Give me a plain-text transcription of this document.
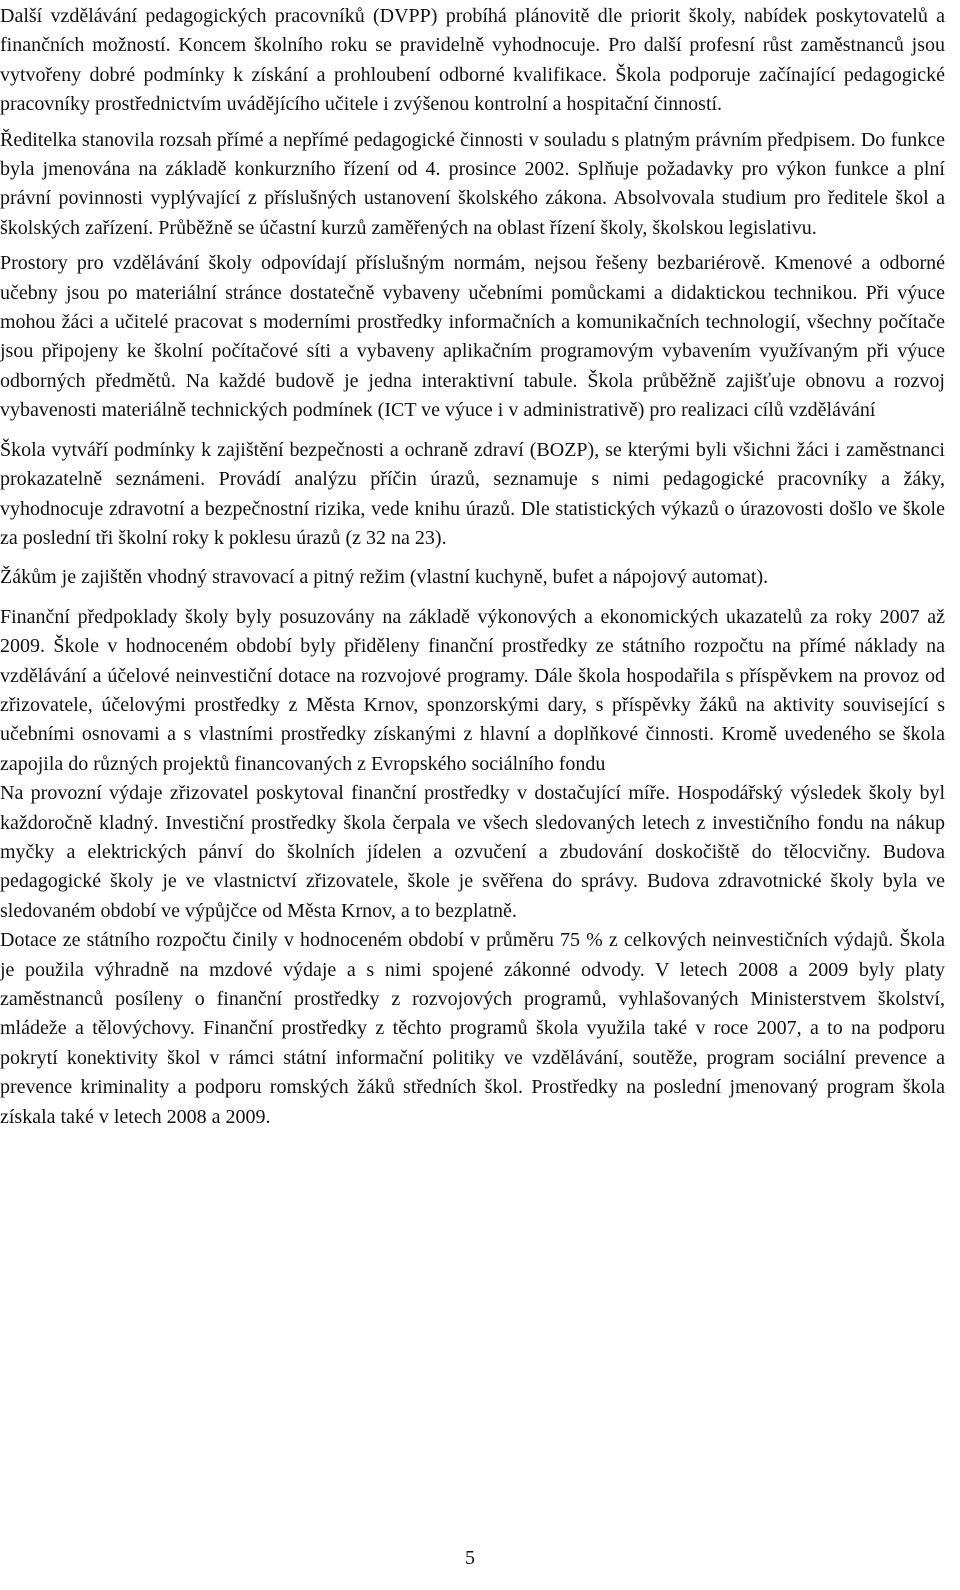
Další vzdělávání pedagogických pracovníků (DVPP) probíhá plánovitě dle priorit školy, nabídek poskytovatelů a finančních možností. Koncem školního roku se pravidelně vyhodnocuje. Pro další profesní růst zaměstnanců jsou vytvořeny dobré podmínky k získání a prohloubení odborné kvalifikace. Škola podporuje začínající pedagogické pracovníky prostřednictvím uvádějícího učitele i zvýšenou kontrolní a hospitační činností.

Ředitelka stanovila rozsah přímé a nepřímé pedagogické činnosti v souladu s platným právním předpisem. Do funkce byla jmenována na základě konkurzního řízení od 4. prosince 2002. Splňuje požadavky pro výkon funkce a plní právní povinnosti vyplývající z příslušných ustanovení školského zákona. Absolvovala studium pro ředitele škol a školských zařízení. Průběžně se účastní kurzů zaměřených na oblast řízení školy, školskou legislativu.

Prostory pro vzdělávání školy odpovídají příslušným normám, nejsou řešeny bezbariérově. Kmenové a odborné učebny jsou po materiální stránce dostatečně vybaveny učebními pomůckami a didaktickou technikou. Při výuce mohou žáci a učitelé pracovat s moderními prostředky informačních a komunikačních technologií, všechny počítače jsou připojeny ke školní počítačové síti a vybaveny aplikačním programovým vybavením využívaným při výuce odborných předmětů. Na každé budově je jedna interaktivní tabule. Škola průběžně zajišťuje obnovu a rozvoj vybavenosti materiálně technických podmínek (ICT ve výuce i v administrativě) pro realizaci cílů vzdělávání

Škola vytváří podmínky k zajištění bezpečnosti a ochraně zdraví (BOZP), se kterými byli všichni žáci i zaměstnanci prokazatelně seznámeni. Provádí analýzu příčin úrazů, seznamuje s nimi pedagogické pracovníky a žáky, vyhodnocuje zdravotní a bezpečnostní rizika, vede knihu úrazů. Dle statistických výkazů o úrazovosti došlo ve škole za poslední tři školní roky k poklesu úrazů (z 32 na 23).

Žákům je zajištěn vhodný stravovací a pitný režim (vlastní kuchyně, bufet a nápojový automat).

Finanční předpoklady školy byly posuzovány na základě výkonových a ekonomických ukazatelů za roky 2007 až 2009. Škole v hodnoceném období byly přiděleny finanční prostředky ze státního rozpočtu na přímé náklady na vzdělávání a účelové neinvestiční dotace na rozvojové programy. Dále škola hospodařila s příspěvkem na provoz od zřizovatele, účelovými prostředky z Města Krnov, sponzorskými dary, s příspěvky žáků na aktivity související s učebními osnovami a s vlastními prostředky získanými z hlavní a doplňkové činnosti. Kromě uvedeného se škola zapojila do různých projektů financovaných z Evropského sociálního fondu

Na provozní výdaje zřizovatel poskytoval finanční prostředky v dostačující míře. Hospodářský výsledek školy byl každoročně kladný. Investiční prostředky škola čerpala ve všech sledovaných letech z investičního fondu na nákup myčky a elektrických pánví do školních jídelen a ozvučení a zbudování doskočiště do tělocvičny. Budova pedagogické školy je ve vlastnictví zřizovatele, škole je svěřena do správy. Budova zdravotnické školy byla ve sledovaném období ve výpůjčce od Města Krnov, a to bezplatně.

Dotace ze státního rozpočtu činily v hodnoceném období v průměru 75 % z celkových neinvestičních výdajů. Škola je použila výhradně na mzdové výdaje a s nimi spojené zákonné odvody. V letech 2008 a 2009 byly platy zaměstnanců posíleny o finanční prostředky z rozvojových programů, vyhlašovaných Ministerstvem školství, mládeže a tělovýchovy. Finanční prostředky z těchto programů škola využila také v roce 2007, a to na podporu pokrytí konektivity škol v rámci státní informační politiky ve vzdělávání, soutěže, program sociální prevence a prevence kriminality a podporu romských žáků středních škol. Prostředky na poslední jmenovaný program škola získala také v letech 2008 a 2009.

5
